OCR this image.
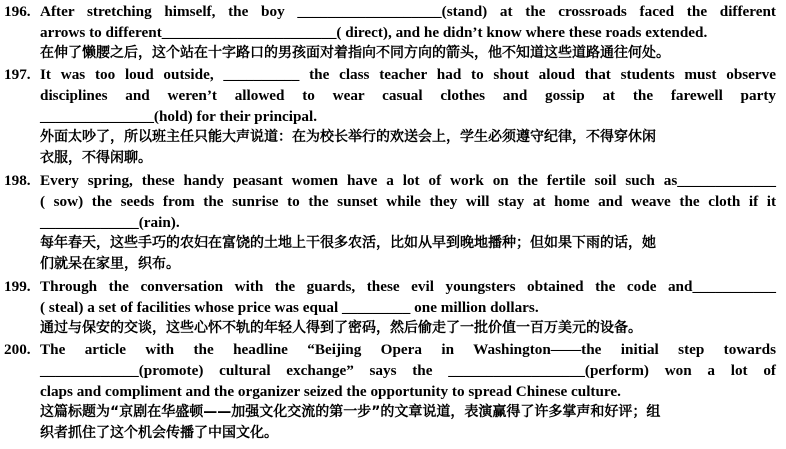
196. After stretching himself, the boy ___________________(stand) at the crossroads faced the different
arrows to different_______________________( direct), and he didn’t know where these roads extended.
在伸了懒腰之后，这个站在十字路口的男孩面对着指向不同方向的箭头，他不知道这些道路通往何处。
197. It was too loud outside, __________ the class teacher had to shout aloud that students must observe
disciplines and weren’t allowed to wear casual clothes and gossip at the farewell party
_______________(hold) for their principal.
外面太吵了，所以班主任只能大声说道：在为校长举行的欢送会上，学生必须遵守纪律，不得穿休闲
衣服，不得闲聊。
198. Every spring, these handy peasant women have a lot of work on the fertile soil such as_____________
( sow) the seeds from the sunrise to the sunset while they will stay at home and weave the cloth if it
_____________(rain).
每年春天，这些手巧的农妇在富饶的土地上干很多农活，比如从早到晚地播种；但如果下雨的话，她
们就呆在家里，织布。
199. Through the conversation with the guards, these evil youngsters obtained the code and___________
( steal) a set of facilities whose price was equal _________ one million dollars.
通过与保安的交谈，这些心怀不轨的年轻人得到了密码，然后偷走了一批价值一百万美元的设备。
200. The article with the headline “Beijing Opera in Washington——the initial step towards
_____________(promote) cultural exchange” says the __________________(perform) won a lot of
claps and compliment and the organizer seized the opportunity to spread Chinese culture.
这篇标题为“京剧在华盛顿——加强文化交流的第一步”的文章说道，表演赢得了许多掌声和好评；组
织者抓住了这个机会传播了中国文化。
